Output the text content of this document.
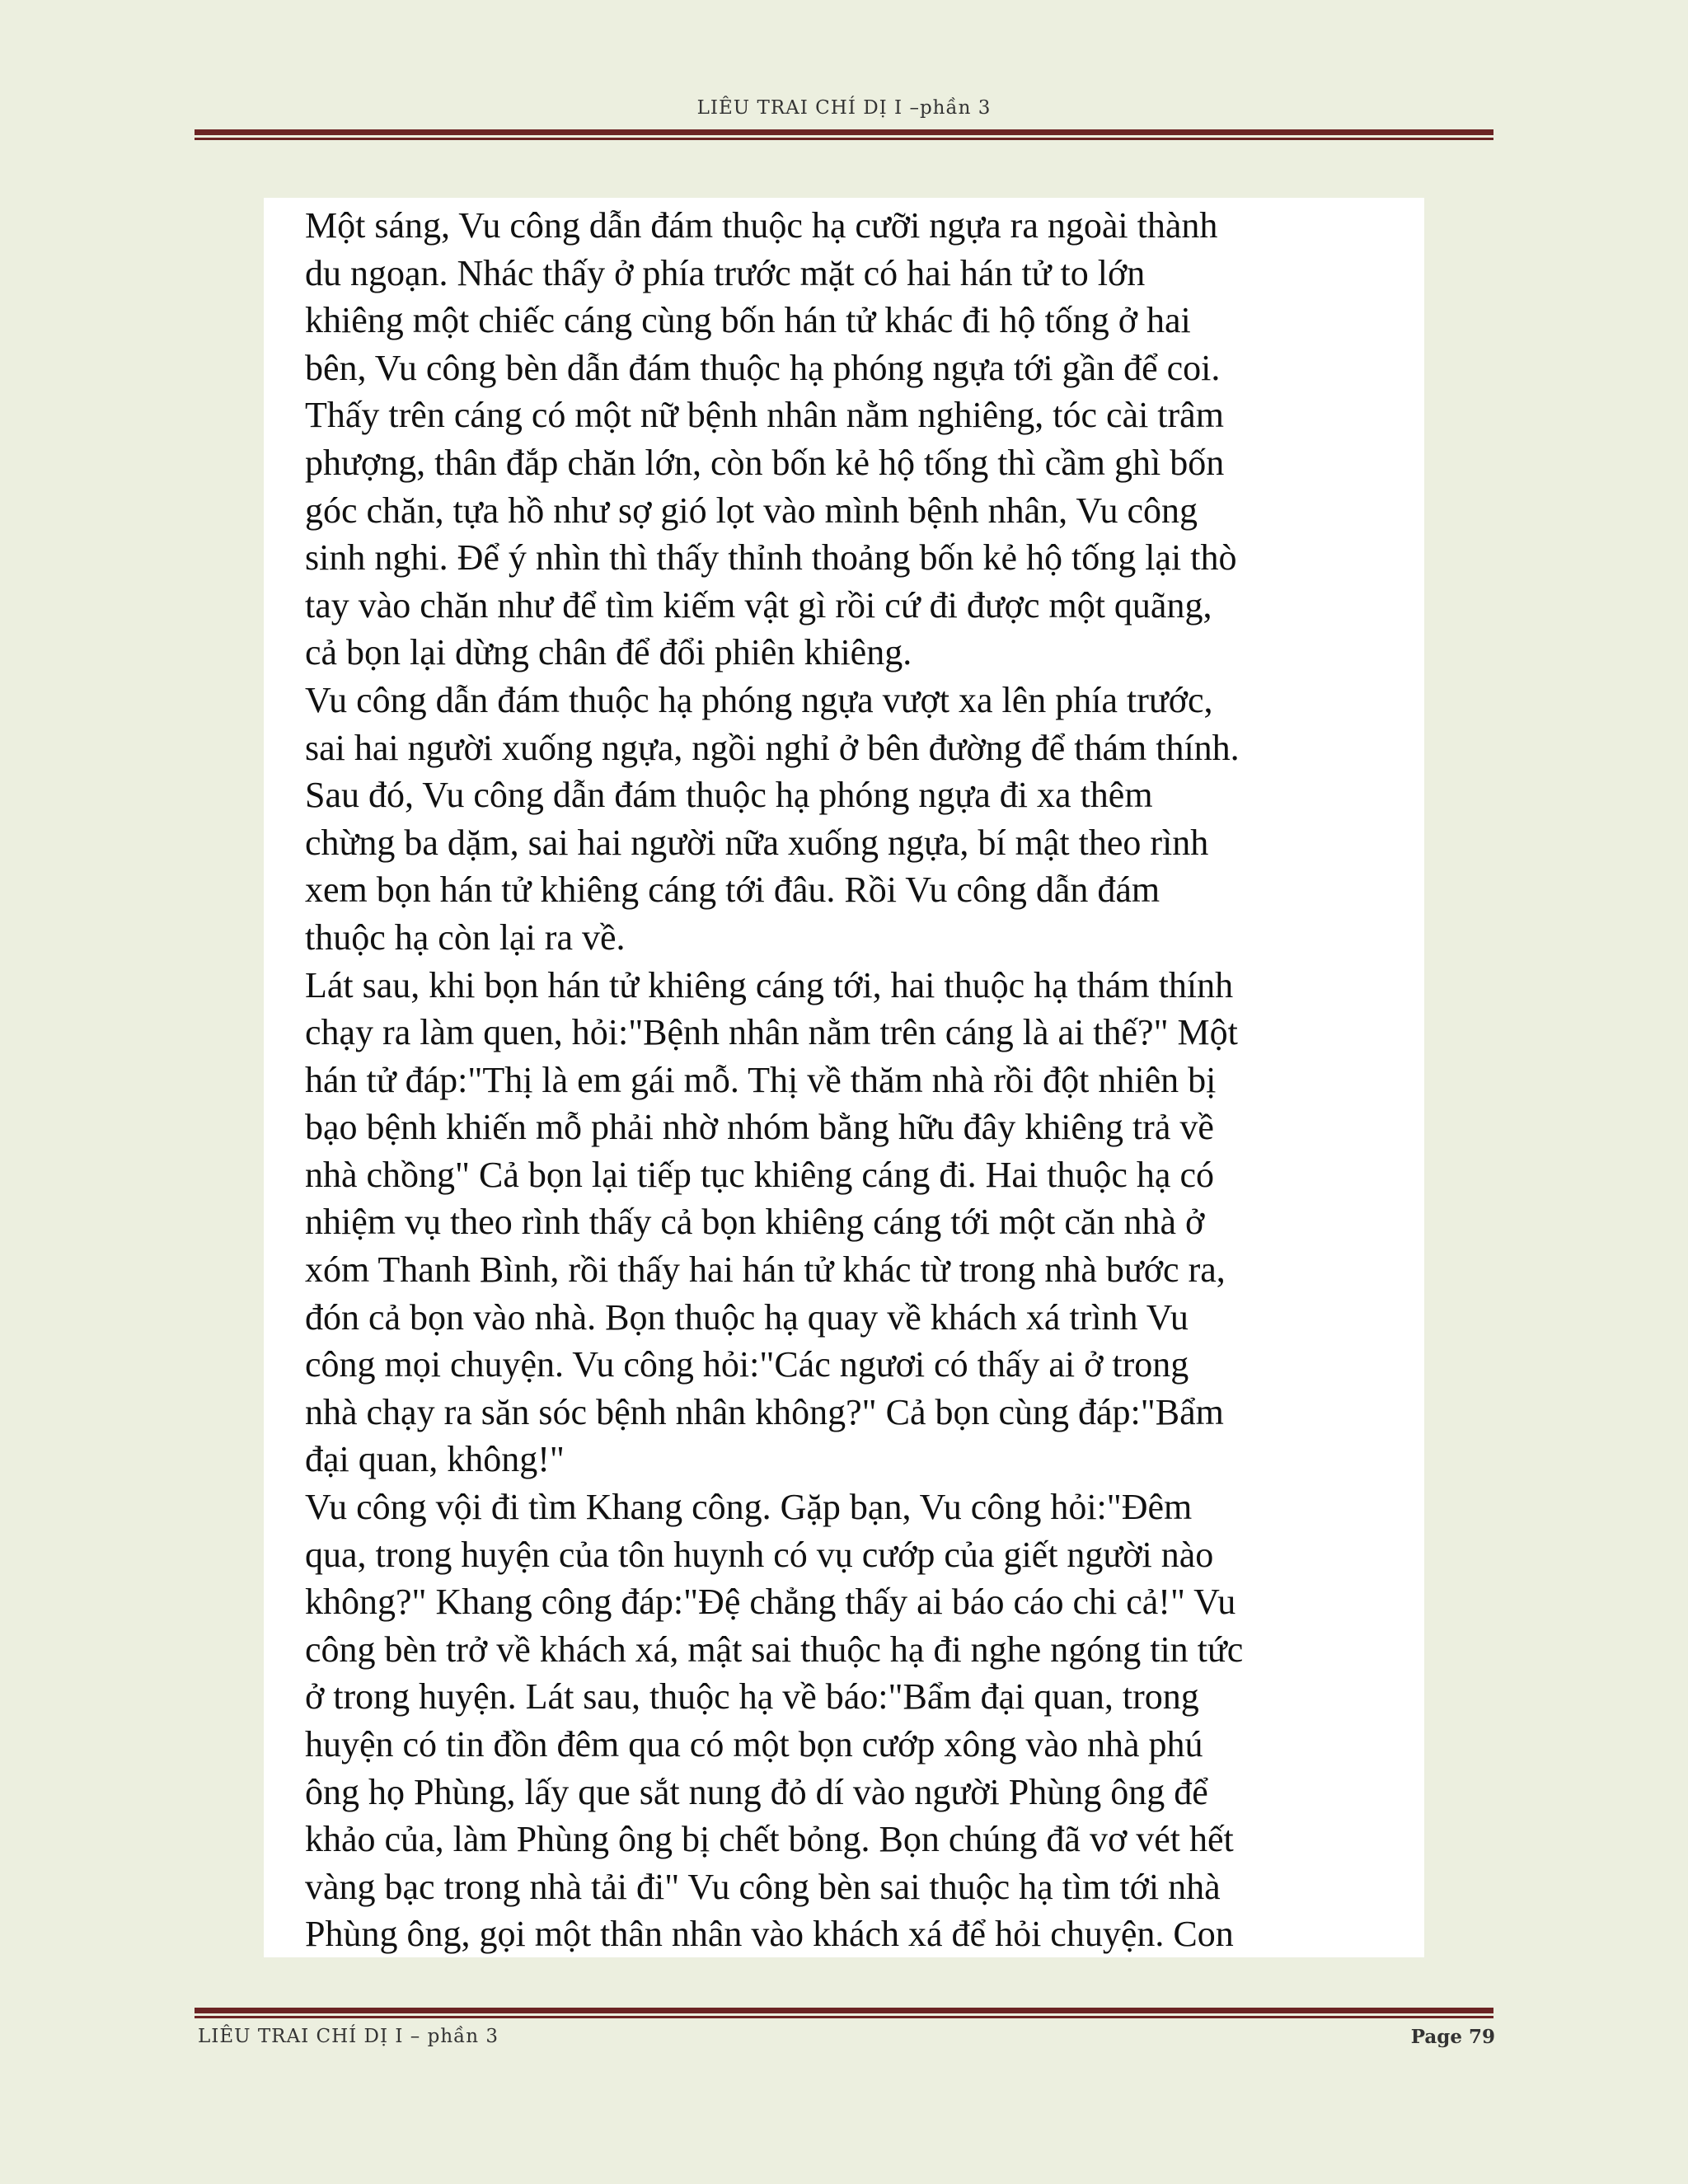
LIÊU TRAI CHÍ DỊ I –phần 3
Một sáng, Vu công dẫn đám thuộc hạ cưỡi ngựa ra ngoài thành
du ngoạn. Nhác thấy ở phía trước mặt có hai hán tử to lớn
khiêng một chiếc cáng cùng bốn hán tử khác đi hộ tống ở hai
bên, Vu công bèn dẫn đám thuộc hạ phóng ngựa tới gần để coi.
Thấy trên cáng có một nữ bệnh nhân nằm nghiêng, tóc cài trâm
phượng, thân đắp chăn lớn, còn bốn kẻ hộ tống thì cầm ghì bốn
góc chăn, tựa hồ như sợ gió lọt vào mình bệnh nhân, Vu công
sinh nghi. Để ý nhìn thì thấy thỉnh thoảng bốn kẻ hộ tống lại thò
tay vào chăn như để tìm kiếm vật gì rồi cứ đi được một quãng,
cả bọn lại dừng chân để đổi phiên khiêng.
Vu công dẫn đám thuộc hạ phóng ngựa vượt xa lên phía trước,
sai hai người xuống ngựa, ngồi nghỉ ở bên đường để thám thính.
Sau đó, Vu công dẫn đám thuộc hạ phóng ngựa đi xa thêm
chừng ba dặm, sai hai người nữa xuống ngựa, bí mật theo rình
xem bọn hán tử khiêng cáng tới đâu. Rồi Vu công dẫn đám
thuộc hạ còn lại ra về.
Lát sau, khi bọn hán tử khiêng cáng tới, hai thuộc hạ thám thính
chạy ra làm quen, hỏi:"Bệnh nhân nằm trên cáng là ai thế?" Một
hán tử đáp:"Thị là em gái mỗ. Thị về thăm nhà rồi đột nhiên bị
bạo bệnh khiến mỗ phải nhờ nhóm bằng hữu đây khiêng trả về
nhà chồng" Cả bọn lại tiếp tục khiêng cáng đi. Hai thuộc hạ có
nhiệm vụ theo rình thấy cả bọn khiêng cáng tới một căn nhà ở
xóm Thanh Bình, rồi thấy hai hán tử khác từ trong nhà bước ra,
đón cả bọn vào nhà. Bọn thuộc hạ quay về khách xá trình Vu
công mọi chuyện. Vu công hỏi:"Các ngươi có thấy ai ở trong
nhà chạy ra săn sóc bệnh nhân không?" Cả bọn cùng đáp:"Bẩm
đại quan, không!"
Vu công vội đi tìm Khang công. Gặp bạn, Vu công hỏi:"Đêm
qua, trong huyện của tôn huynh có vụ cướp của giết người nào
không?" Khang công đáp:"Đệ chẳng thấy ai báo cáo chi cả!" Vu
công bèn trở về khách xá, mật sai thuộc hạ đi nghe ngóng tin tức
ở trong huyện. Lát sau, thuộc hạ về báo:"Bẩm đại quan, trong
huyện có tin đồn đêm qua có một bọn cướp xông vào nhà phú
ông họ Phùng, lấy que sắt nung đỏ dí vào người Phùng ông để
khảo của, làm Phùng ông bị chết bỏng. Bọn chúng đã vơ vét hết
vàng bạc trong nhà tải đi" Vu công bèn sai thuộc hạ tìm tới nhà
Phùng ông, gọi một thân nhân vào khách xá để hỏi chuyện. Con
LIÊU TRAI CHÍ DỊ I – phần 3	Page 79
